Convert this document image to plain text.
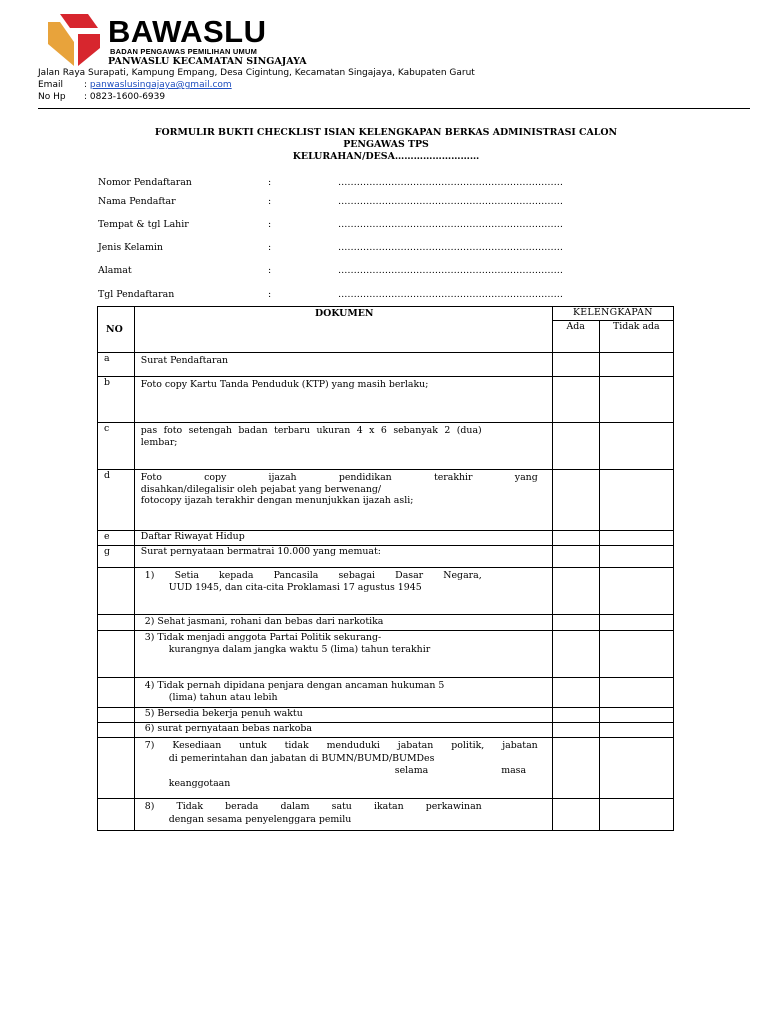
BAWASLU
BADAN PENGAWAS PEMILIHAN UMUM
PANWASLU KECAMATAN SINGAJAYA
Jalan Raya Surapati, Kampung Empang, Desa Cigintung, Kecamatan Singajaya, Kabupaten Garut
Email : panwaslusingajaya@gmail.com
No Hp : 0823-1600-6939
FORMULIR BUKTI CHECKLIST ISIAN KELENGKAPAN BERKAS ADMINISTRASI CALON
PENGAWAS TPS
KELURAHAN/DESA………………………
Nomor Pendaftaran	:	………………………………………………………………
Nama Pendaftar	:	………………………………………………………………
Tempat & tgl Lahir	:	………………………………………………………………
Jenis Kelamin	:	………………………………………………………………
Alamat	:	………………………………………………………………
Tgl Pendaftaran	:	………………………………………………………………
NO	DOKUMEN	KELENGKAPAN	
		Ada	Tidak ada
a	Surat Pendaftaran		
b	Foto copy Kartu Tanda Penduduk (KTP) yang masih berlaku;		
c	pas foto setengah badan terbaru ukuran 4 x 6 sebanyak 2 (dua) lembar;		
d	Foto copy ijazah pendidikan terakhir yang
disahkan/dilegalisir oleh pejabat yang berwenang/
fotocopy ijazah terakhir dengan menunjukkan ijazah asli;		

e	Daftar Riwayat Hidup		
g	Surat pernyataan bermatrai 10.000 yang memuat:		

	1) Setia kepada Pancasila sebagai Dasar Negara,
UUD 1945, dan cita-cita Proklamasi 17 agustus 1945		

	2) Sehat jasmani, rohani dan bebas dari narkotika		

	3) Tidak menjadi anggota Partai Politik sekurang-
kurangnya dalam jangka waktu 5 (lima) tahun terakhir		

	4) Tidak pernah dipidana penjara dengan ancaman hukuman 5
(lima) tahun atau lebih		

	5) Bersedia bekerja penuh waktu		

	6) surat pernyataan bebas narkoba		

	7) Kesediaan untuk tidak menduduki jabatan politik, jabatan
di pemerintahan dan jabatan di BUMN/BUMD/BUMDes
selama masa
keanggotaan		

	8) Tidak berada dalam satu ikatan perkawinan
dengan sesama penyelenggara pemilu		
